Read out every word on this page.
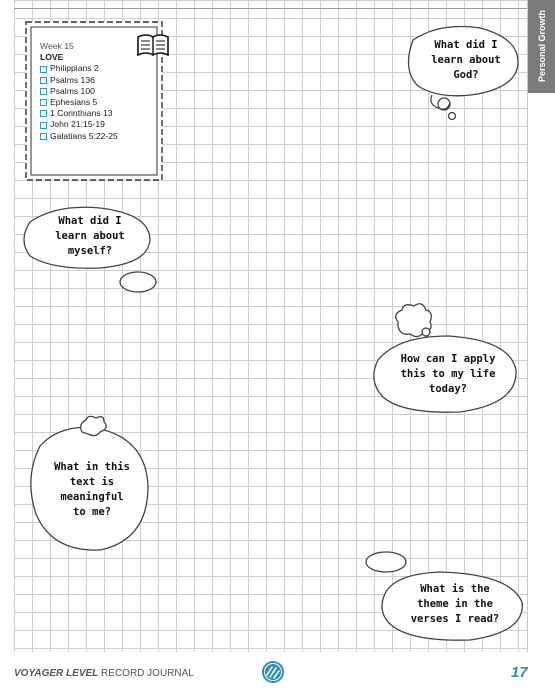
Personal Growth
Week 15
LOVE
Philippians 2
Psalms 136
Psalms 100
Ephesians 5
1 Corinthians 13
John 21:15-19
Galatians 5:22-25
What did I
learn about
God?
What did I
learn about
myself?
How can I apply
this to my life
today?
What in this
text is
meaningful
to me?
What is the
theme in the
verses I read?
VOYAGER LEVEL RECORD JOURNAL	17
